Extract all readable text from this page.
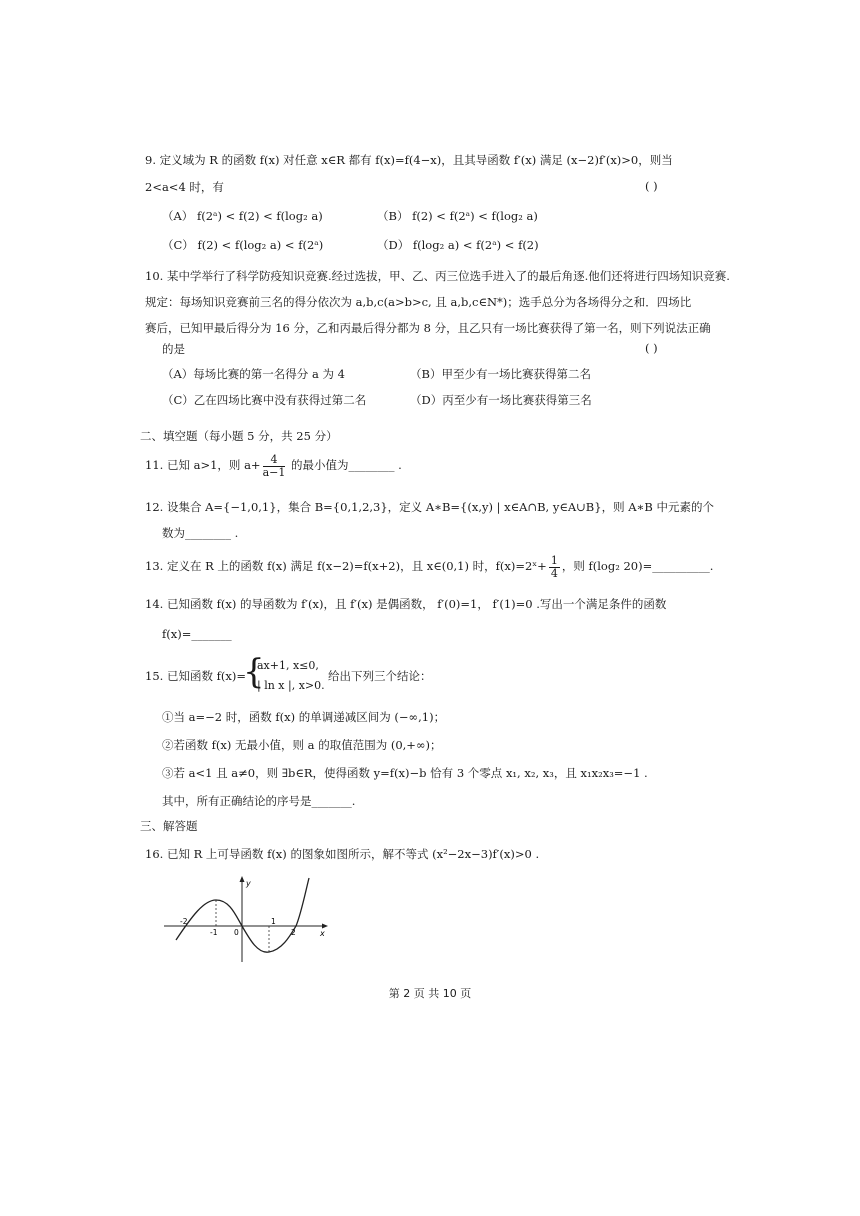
9. 定义域为 R 的函数 f(x) 对任意 x∈R 都有 f(x)=f(4−x)，且其导函数 f′(x) 满足 (x−2)f′(x)>0，则当
2<a<4 时，有	( )
（A） f(2ᵃ) < f(2) < f(log₂ a)	（B） f(2) < f(2ᵃ) < f(log₂ a)
（C） f(2) < f(log₂ a) < f(2ᵃ)	（D） f(log₂ a) < f(2ᵃ) < f(2)
10. 某中学举行了科学防疫知识竞赛.经过选拔，甲、乙、丙三位选手进入了的最后角逐.他们还将进行四场知识竞赛.
规定：每场知识竞赛前三名的得分依次为 a,b,c(a>b>c, 且 a,b,c∈N*)；选手总分为各场得分之和．四场比
赛后，已知甲最后得分为 16 分，乙和丙最后得分都为 8 分，且乙只有一场比赛获得了第一名，则下列说法正确
的是	( )
（A）每场比赛的第一名得分 a 为 4	（B）甲至少有一场比赛获得第二名
（C）乙在四场比赛中没有获得过第二名	（D）丙至少有一场比赛获得第三名
二、填空题（每小题 5 分，共 25 分）
11. 已知 a>1，则 $a+ \frac{4}{a-1}$ 的最小值为________ .
12. 设集合 A={−1,0,1}，集合 B={0,1,2,3}，定义 A∗B={(x,y) | x∈A∩B, y∈A∪B}，则 A∗B 中元素的个
数为________ .
13. 定义在 R 上的函数 f(x) 满足 f(x−2)=f(x+2)，且 x∈(0,1) 时，f(x)=2ˣ+ $\frac{1}{4}$ ，则 f(log₂ 20)=__________.
14. 已知函数 f(x) 的导函数为 f′(x)，且 f′(x) 是偶函数， f′(0)=1， f′(1)=0 .写出一个满足条件的函数
f(x)=_______
15. 已知函数 f(x)=
{
ax+1, x≤0,
| ln x |, x>0.
给出下列三个结论：
①当 a=−2 时，函数 f(x) 的单调递减区间为 (−∞,1)；
②若函数 f(x) 无最小值，则 a 的取值范围为 (0,+∞)；
③若 a<1 且 a≠0，则 ∃b∈R，使得函数 y=f(x)−b 恰有 3 个零点 x₁, x₂, x₃，且 x₁x₂x₃=−1 .
其中，所有正确结论的序号是_______.
三、解答题
16. 已知 R 上可导函数 f(x) 的图象如图所示，解不等式 (x²−2x−3)f′(x)>0 .
y
x
-2
-1 0
1
2
第 2 页 共 10 页
